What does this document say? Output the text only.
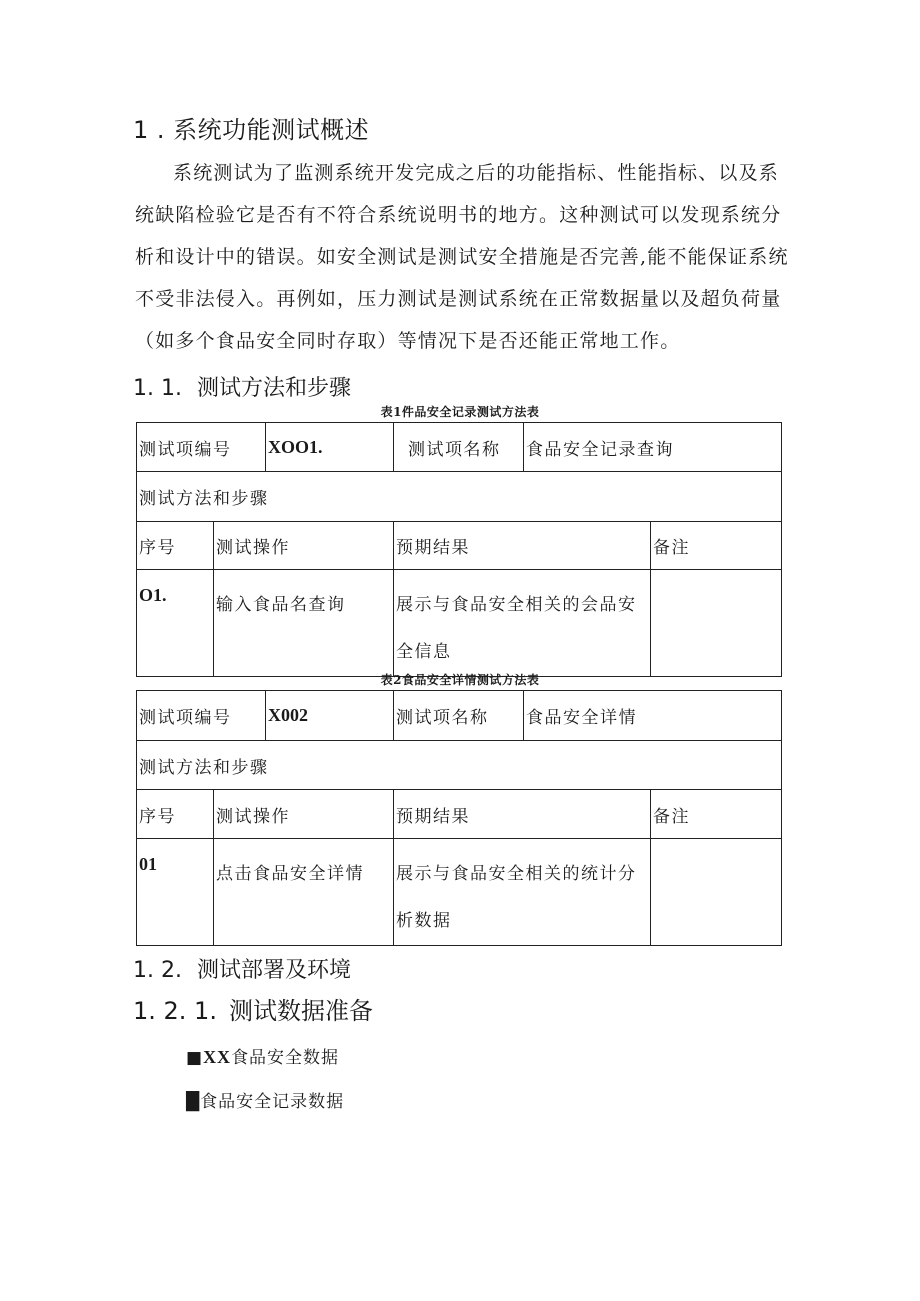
1 . 系统功能测试概述
系统测试为了监测系统开发完成之后的功能指标、性能指标、以及系
统缺陷检验它是否有不符合系统说明书的地方。这种测试可以发现系统分
析和设计中的错误。如安全测试是测试安全措施是否完善,能不能保证系统
不受非法侵入。再例如，压力测试是测试系统在正常数据量以及超负荷量
（如多个食品安全同时存取）等情况下是否还能正常地工作。
1. 1. 测试方法和步骤
表1件品安全记录测试方法表
测试项编号		XOO1.	测试项名称	食品安全记录查询	
测试方法和步骤					
序号	测试操作		预期结果		备注
O1.	输入食品名查询		展示与食品安全相关的会品安全信息		
表2食品安全详情测试方法表
测试项编号		X002	测试项名称	食品安全详情	
测试方法和步骤					
序号	测试操作		预期结果		备注
01	点击食品安全详情		展示与食品安全相关的统计分析数据		
1. 2. 测试部署及环境
1. 2. 1. 测试数据准备
■XX食品安全数据
█食品安全记录数据
